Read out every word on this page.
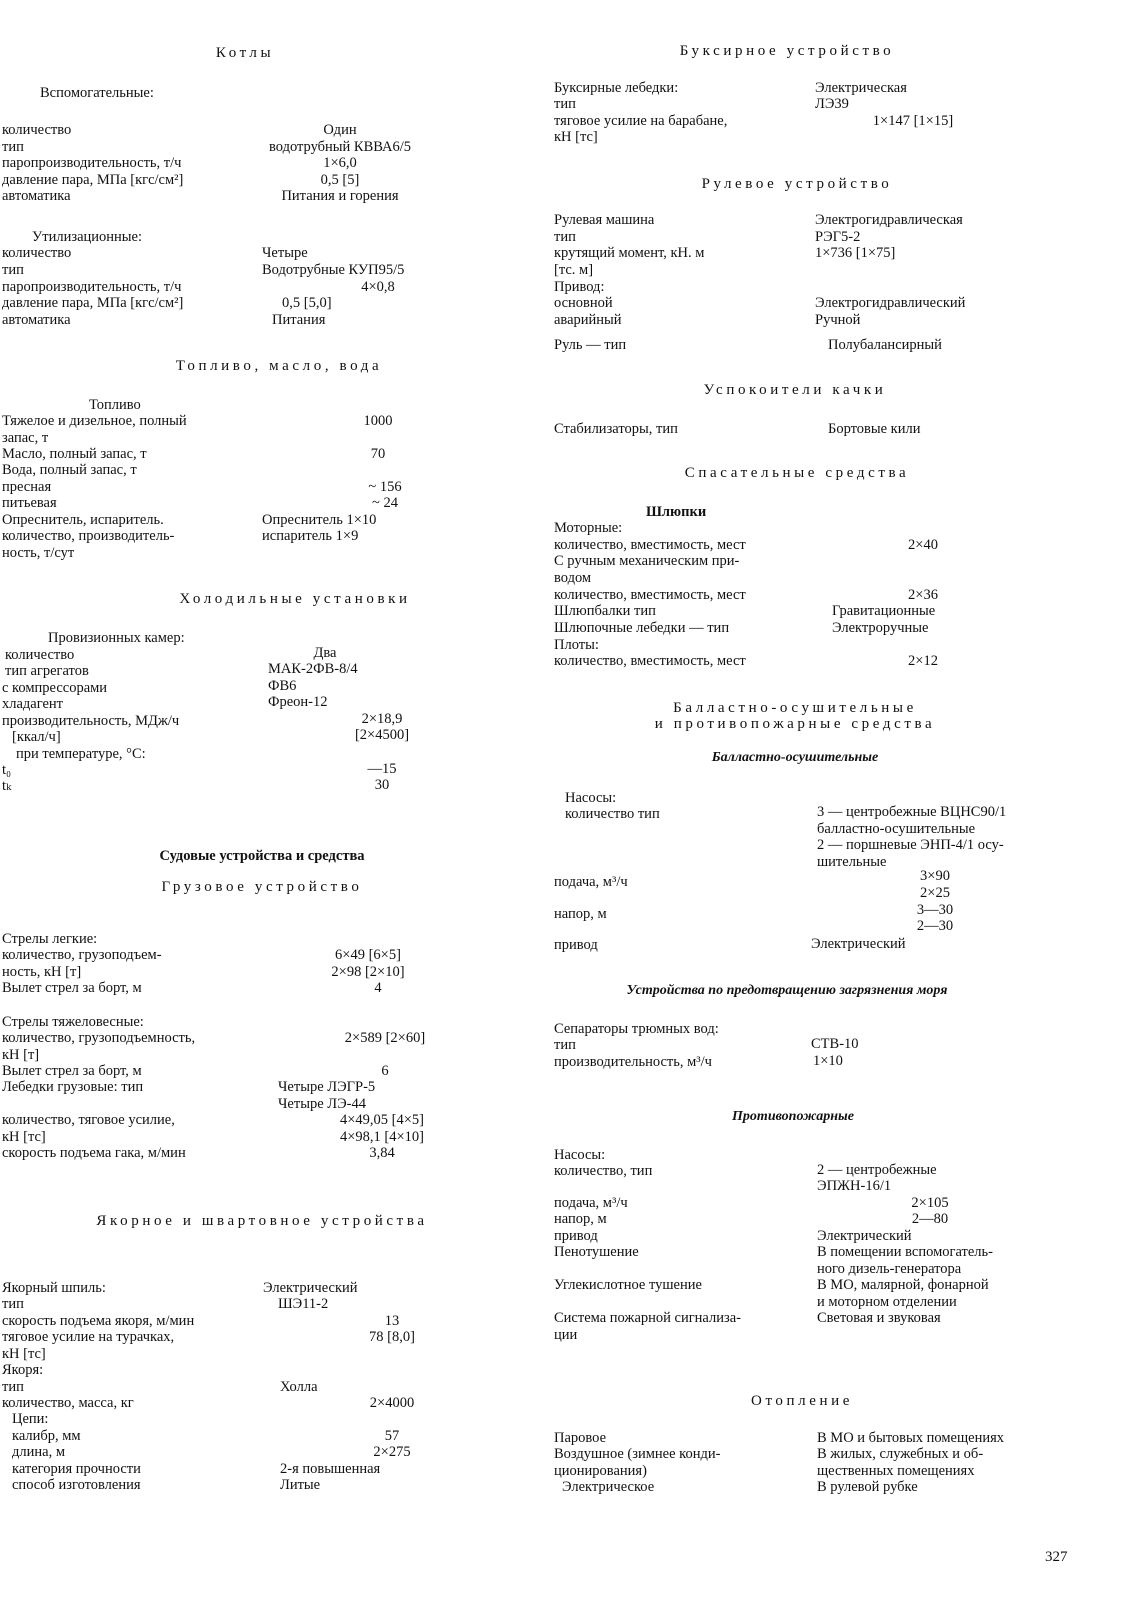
Котлы
Вспомогательные:
количество	Один
тип	водотрубный КВВА6/5
паропроизводительность, т/ч	1×6,0
давление пара, МПа [кгс/см²]	0,5 [5]
автоматика	Питания и горения
Утилизационные:
количество	Четыре
тип	Водотрубные КУП95/5
паропроизводительность, т/ч	4×0,8
давление пара, МПа [кгс/см²]	0,5 [5,0]
автоматика	Питания
Топливо, масло, вода
Топливо
Тяжелое и дизельное, полный	1000
запас, т
Масло, полный запас, т	70
Вода, полный запас, т
пресная	~ 156
питьевая	~ 24
Опреснитель, испаритель.	Опреснитель 1×10
количество, производитель-	испаритель 1×9
ность, т/сут
Холодильные установки
Провизионных камер:
количество	Два
тип агрегатов	МАК-2ФВ-8/4
с компрессорами	ФВ6
хладагент	Фреон-12
производительность, МДж/ч	2×18,9
[ккал/ч]	[2×4500]
при температуре, °C:
t₀	—15
tₖ	30
Судовые устройства и средства
Грузовое устройство
Стрелы легкие:
количество, грузоподъем-	6×49 [6×5]
ность, кН [т]	2×98 [2×10]
Вылет стрел за борт, м	4
Стрелы тяжеловесные:
количество, грузоподъемность,	2×589 [2×60]
кН [т]
Вылет стрел за борт, м	6
Лебедки грузовые: тип	Четыре ЛЭГР-5
Четыре ЛЭ-44
количество, тяговое усилие,	4×49,05 [4×5]
кН [тс]	4×98,1 [4×10]
скорость подъема гака, м/мин	3,84
Якорное и швартовное устройства
Якорный шпиль:	Электрический
тип	ШЭ11-2
скорость подъема якоря, м/мин	13
тяговое усилие на турачках,	78 [8,0]
кН [тс]
Якоря:
тип	Холла
количество, масса, кг	2×4000
Цепи:
калибр, мм	57
длина, м	2×275
категория прочности	2-я повышенная
способ изготовления	Литые
Буксирное устройство
Буксирные лебедки:	Электрическая
тип	ЛЭ39
тяговое усилие на барабане,	1×147 [1×15]
кН [тс]
Рулевое устройство
Рулевая машина	Электрогидравлическая
тип	РЭГ5-2
крутящий момент, кН. м	1×736 [1×75]
[тс. м]
Привод:
основной	Электрогидравлический
аварийный	Ручной
Руль — тип	Полубалансирный
Успокоители качки
Стабилизаторы, тип	Бортовые кили
Спасательные средства
Шлюпки
Моторные:
количество, вместимость, мест	2×40
С ручным механическим при-
водом
количество, вместимость, мест	2×36
Шлюпбалки тип	Гравитационные
Шлюпочные лебедки — тип	Электроручные
Плоты:
количество, вместимость, мест	2×12
Балластно-осушительные
и противопожарные средства
Балластно-осушительные
Насосы:
количество тип	3 — центробежные ВЦНС90/1
балластно-осушительные
2 — поршневые ЭНП-4/1 осу-
шительные
подача, м³/ч	3×90
2×25
напор, м	3—30
2—30
привод	Электрический
Устройства по предотвращению загрязнения моря
Сепараторы трюмных вод:
тип	СТВ-10
производительность, м³/ч	1×10
Противопожарные
Насосы:
количество, тип	2 — центробежные
ЭПЖН-16/1
подача, м³/ч	2×105
напор, м	2—80
привод	Электрический
Пенотушение	В помещении вспомогатель-
ного дизель-генератора
Углекислотное тушение	В МО, малярной, фонарной
и моторном отделении
Система пожарной сигнализа-	Световая и звуковая
ции
Отопление
Паровое	В МО и бытовых помещениях
Воздушное (зимнее конди-	В жилых, служебных и об-
ционирования)	щественных помещениях
Электрическое	В рулевой рубке
327
